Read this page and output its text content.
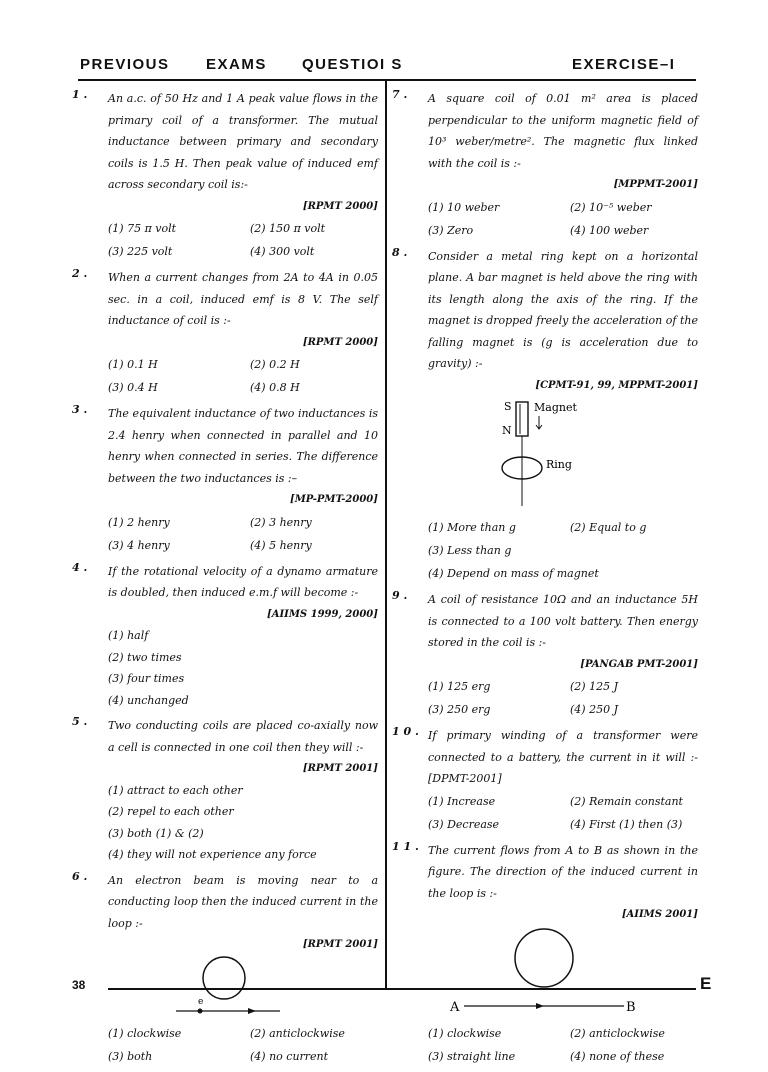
PREVIOUS EXAMS QUESTIOI S	EXERCISE–I
1 .	An a.c. of 50 Hz and 1 A peak value flows in the primary coil of a transformer. The mutual inductance between primary and secondary coils is 1.5 H. Then peak value of induced emf across secondary coil is:-
[RPMT 2000]
(1) 75 π volt	(2) 150 π volt
(3) 225 volt	(4) 300 volt
2 .	When a current changes from 2A to 4A in 0.05 sec. in a coil, induced emf is 8 V. The self inductance of coil is :-
[RPMT 2000]
(1) 0.1 H	(2) 0.2 H
(3) 0.4 H	(4) 0.8 H
3 .	The equivalent inductance of two inductances is 2.4 henry when connected in parallel and 10 henry when connected in series. The difference between the two inductances is :–
[MP-PMT-2000]
(1) 2 henry	(2) 3 henry
(3) 4 henry	(4) 5 henry
4 .	If the rotational velocity of a dynamo armature is doubled, then induced e.m.f will become :-
[AIIMS 1999, 2000]
(1) half
(2) two times
(3) four times
(4) unchanged
5 .	Two conducting coils are placed co-axially now a cell is connected in one coil then they will :-
[RPMT 2001]
(1) attract to each other
(2) repel to each other
(3) both (1) & (2)
(4) they will not experience any force
6 .	An electron beam is moving near to a conducting loop then the induced current in the loop :-
[RPMT 2001]
e
(1) clockwise	(2) anticlockwise
(3) both	(4) no current
7 .	A square coil of 0.01 m² area is placed perpendicular to the uniform magnetic field of 10³ weber/metre². The magnetic flux linked with the coil is :-
[MPPMT-2001]
(1) 10 weber	(2) 10⁻⁵ weber
(3) Zero	(4) 100 weber
8 .	Consider a metal ring kept on a horizontal plane. A bar magnet is held above the ring with its length along the axis of the ring. If the magnet is dropped freely the acceleration of the falling magnet is (g is acceleration due to gravity) :-
[CPMT-91, 99, MPPMT-2001]
S
N
Magnet
Ring
(1) More than g	(2) Equal to g
(3) Less than g
(4) Depend on mass of magnet
9 .	A coil of resistance 10Ω and an inductance 5H is connected to a 100 volt battery. Then energy stored in the coil is :-
[PANGAB PMT-2001]
(1) 125 erg	(2) 125 J
(3) 250 erg	(4) 250 J
1 0 . If primary winding of a transformer were connected to a battery, the current in it will :- [DPMT-2001]
(1) Increase	(2) Remain constant
(3) Decrease	(4) First (1) then (3)
1 1 . The current flows from A to B as shown in the figure. The direction of the induced current in the loop is :-
[AIIMS 2001]
A	B
(1) clockwise	(2) anticlockwise
(3) straight line	(4) none of these
38	E
